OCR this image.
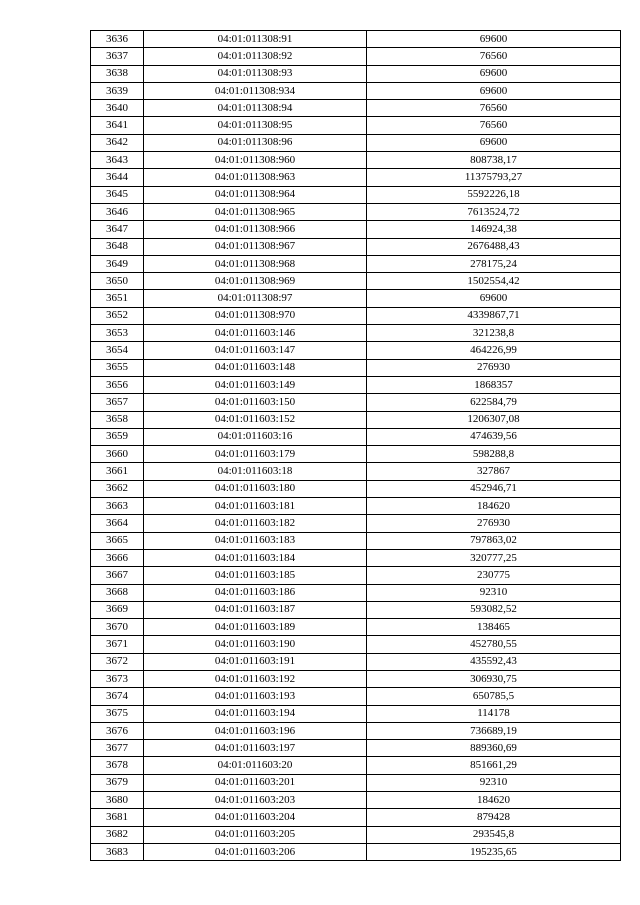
3636	04:01:011308:91	69600
3637	04:01:011308:92	76560
3638	04:01:011308:93	69600
3639	04:01:011308:934	69600
3640	04:01:011308:94	76560
3641	04:01:011308:95	76560
3642	04:01:011308:96	69600
3643	04:01:011308:960	808738,17
3644	04:01:011308:963	11375793,27
3645	04:01:011308:964	5592226,18
3646	04:01:011308:965	7613524,72
3647	04:01:011308:966	146924,38
3648	04:01:011308:967	2676488,43
3649	04:01:011308:968	278175,24
3650	04:01:011308:969	1502554,42
3651	04:01:011308:97	69600
3652	04:01:011308:970	4339867,71
3653	04:01:011603:146	321238,8
3654	04:01:011603:147	464226,99
3655	04:01:011603:148	276930
3656	04:01:011603:149	1868357
3657	04:01:011603:150	622584,79
3658	04:01:011603:152	1206307,08
3659	04:01:011603:16	474639,56
3660	04:01:011603:179	598288,8
3661	04:01:011603:18	327867
3662	04:01:011603:180	452946,71
3663	04:01:011603:181	184620
3664	04:01:011603:182	276930
3665	04:01:011603:183	797863,02
3666	04:01:011603:184	320777,25
3667	04:01:011603:185	230775
3668	04:01:011603:186	92310
3669	04:01:011603:187	593082,52
3670	04:01:011603:189	138465
3671	04:01:011603:190	452780,55
3672	04:01:011603:191	435592,43
3673	04:01:011603:192	306930,75
3674	04:01:011603:193	650785,5
3675	04:01:011603:194	114178
3676	04:01:011603:196	736689,19
3677	04:01:011603:197	889360,69
3678	04:01:011603:20	851661,29
3679	04:01:011603:201	92310
3680	04:01:011603:203	184620
3681	04:01:011603:204	879428
3682	04:01:011603:205	293545,8
3683	04:01:011603:206	195235,65
